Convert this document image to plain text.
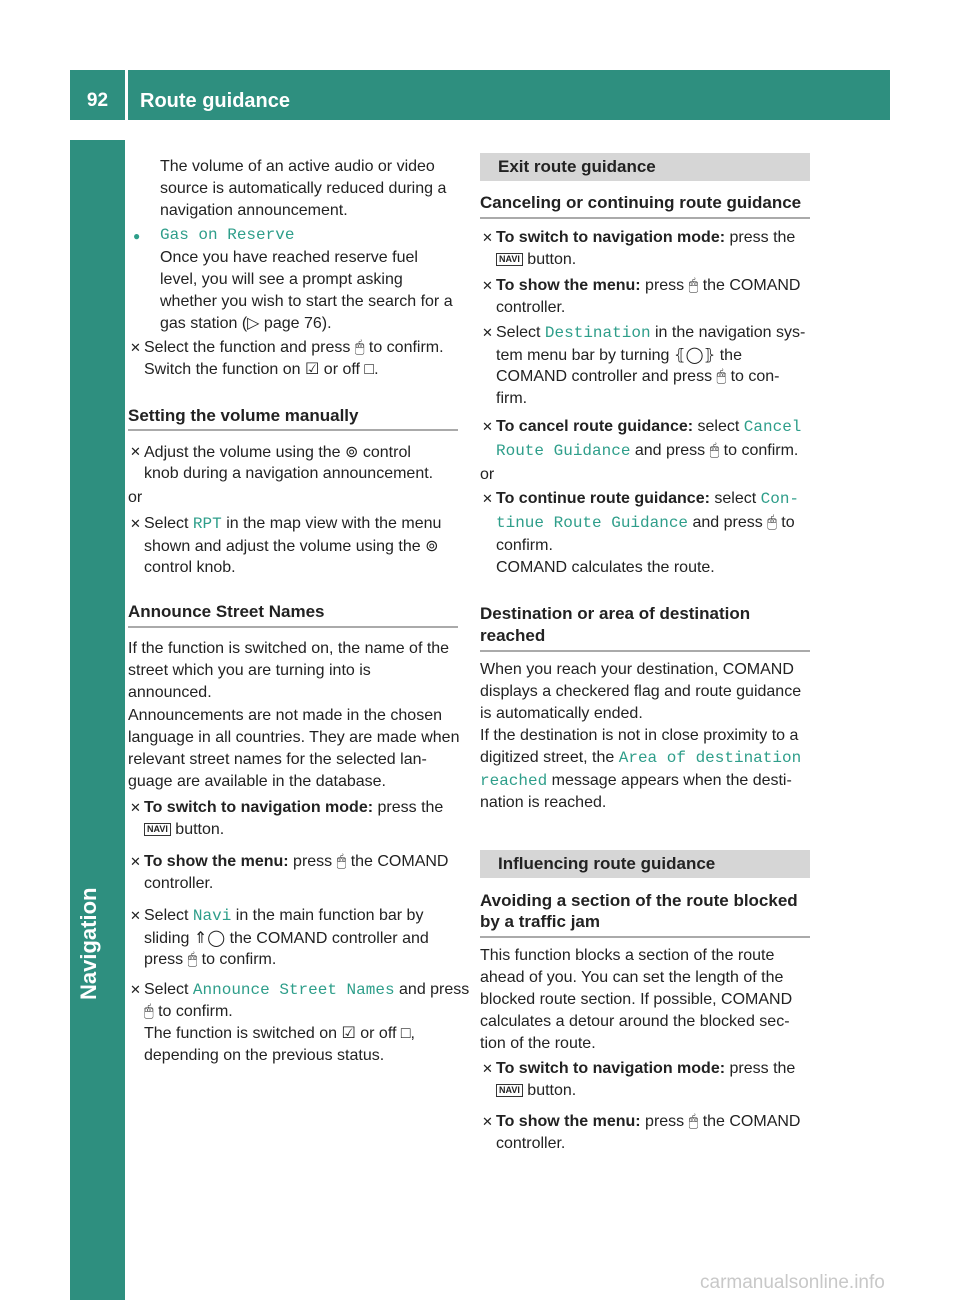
92	Route guidance
Navigation
The volume of an active audio or video
source is automatically reduced during a
navigation announcement.
● Gas on Reserve
Once you have reached reserve fuel
level, you will see a prompt asking
whether you wish to start the search for a
gas station (▷ page 76).
✕ Select the function and press 🖱 to confirm.
Switch the function on ☑ or off □.
Setting the volume manually
✕ Adjust the volume using the ⊚ control
knob during a navigation announcement.
or
✕ Select RPT in the map view with the menu
shown and adjust the volume using the ⊚
control knob.
Announce Street Names
If the function is switched on, the name of the
street which you are turning into is
announced.
Announcements are not made in the chosen
language in all countries. They are made when
relevant street names for the selected lan-
guage are available in the database.
✕ To switch to navigation mode: press the
NAVI button.
✕ To show the menu: press 🖱 the COMAND
controller.
✕ Select Navi in the main function bar by
sliding ⇑◯ the COMAND controller and
press 🖱 to confirm.
✕ Select Announce Street Names and press
🖱 to confirm.
The function is switched on ☑ or off □,
depending on the previous status.
Exit route guidance
Canceling or continuing route guidance
✕ To switch to navigation mode: press the
NAVI button.
✕ To show the menu: press 🖱 the COMAND
controller.
✕ Select Destination in the navigation sys-
tem menu bar by turning ⦃◯⦄ the
COMAND controller and press 🖱 to con-
firm.
✕ To cancel route guidance: select Cancel
Route Guidance and press 🖱 to confirm.
or
✕ To continue route guidance: select Con‐
tinue Route Guidance and press 🖱 to
confirm.
COMAND calculates the route.
Destination or area of destination
reached
When you reach your destination, COMAND
displays a checkered flag and route guidance
is automatically ended.
If the destination is not in close proximity to a
digitized street, the Area of destination
reached message appears when the desti-
nation is reached.
Influencing route guidance
Avoiding a section of the route blocked
by a traffic jam
This function blocks a section of the route
ahead of you. You can set the length of the
blocked route section. If possible, COMAND
calculates a detour around the blocked sec-
tion of the route.
✕ To switch to navigation mode: press the
NAVI button.
✕ To show the menu: press 🖱 the COMAND
controller.
carmanualsonline.info
